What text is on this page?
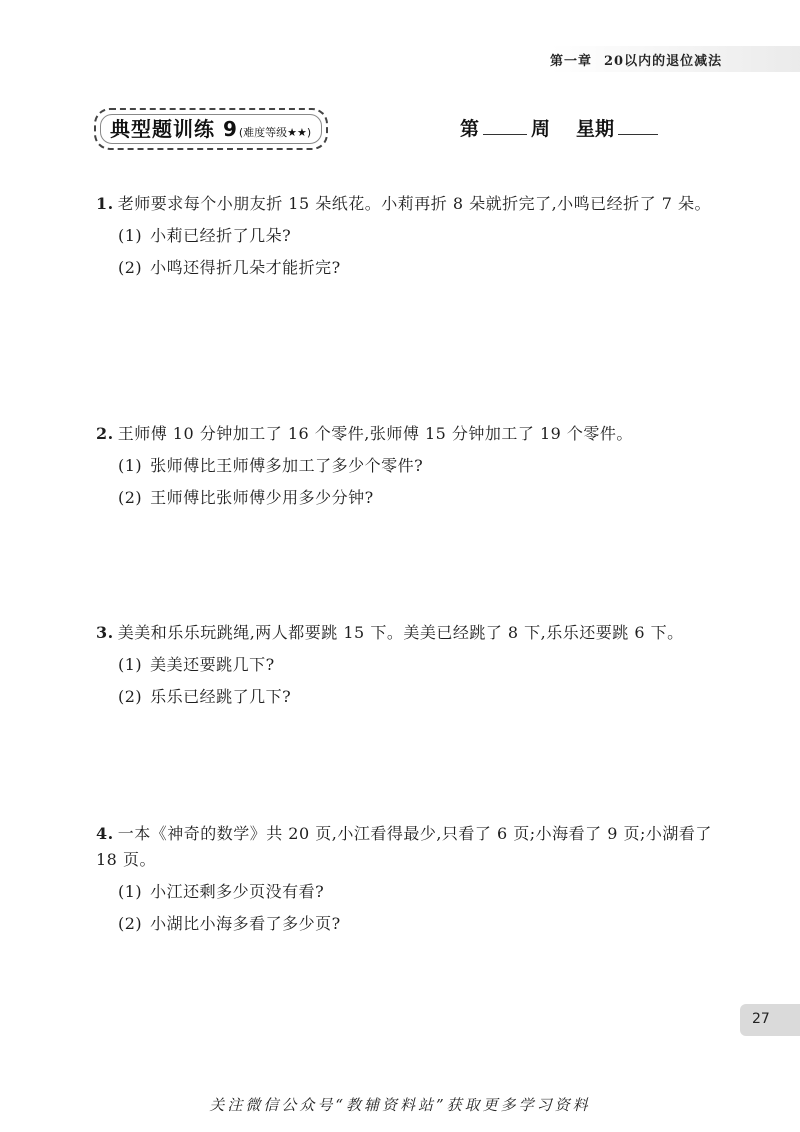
第一章 20以内的退位减法
典型题训练 9(难度等级★★)	第	周 星期
1. 老师要求每个小朋友折 15 朵纸花。小莉再折 8 朵就折完了,小鸣已经折了 7 朵。
(1) 小莉已经折了几朵?
(2) 小鸣还得折几朵才能折完?
2. 王师傅 10 分钟加工了 16 个零件,张师傅 15 分钟加工了 19 个零件。
(1) 张师傅比王师傅多加工了多少个零件?
(2) 王师傅比张师傅少用多少分钟?
3. 美美和乐乐玩跳绳,两人都要跳 15 下。美美已经跳了 8 下,乐乐还要跳 6 下。
(1) 美美还要跳几下?
(2) 乐乐已经跳了几下?
4. 一本《神奇的数学》共 20 页,小江看得最少,只看了 6 页;小海看了 9 页;小湖看了 18 页。
(1) 小江还剩多少页没有看?
(2) 小湖比小海多看了多少页?
27
关注微信公众号“教辅资料站”获取更多学习资料
